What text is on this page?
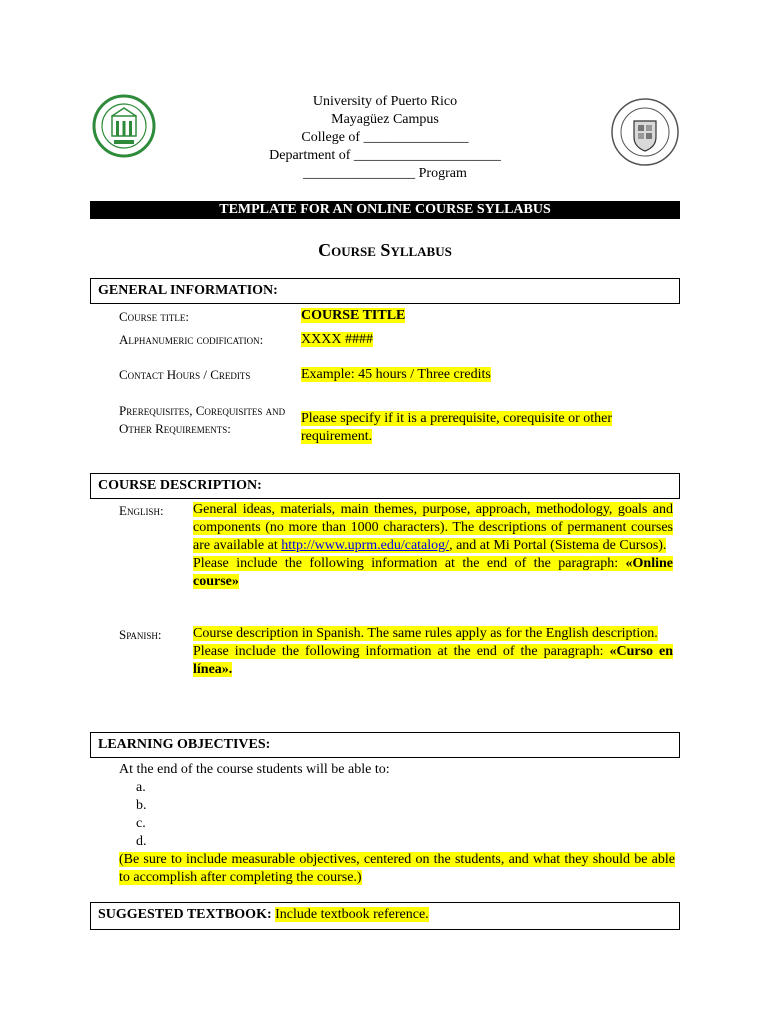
University of Puerto Rico
Mayagüez Campus
College of _______________
Department of _____________________
________________ Program
TEMPLATE FOR AN ONLINE COURSE SYLLABUS
Course Syllabus
GENERAL INFORMATION:
Course title:	COURSE TITLE
Alphanumeric codification:	XXXX ####
Contact Hours / Credits	Example: 45 hours / Three credits
Prerequisites, Corequisites and Other Requirements:
Please specify if it is a prerequisite, corequisite or other requirement.
COURSE DESCRIPTION:
English: General ideas, materials, main themes, purpose, approach, methodology, goals and components (no more than 1000 characters). The descriptions of permanent courses are available at http://www.uprm.edu/catalog/, and at Mi Portal (Sistema de Cursos).
Please include the following information at the end of the paragraph: «Online course»
Spanish: Course description in Spanish. The same rules apply as for the English description.
Please include the following information at the end of the paragraph: «Curso en línea».
LEARNING OBJECTIVES:
At the end of the course students will be able to:
a.
b.
c.
d.
(Be sure to include measurable objectives, centered on the students, and what they should be able to accomplish after completing the course.)
SUGGESTED TEXTBOOK: Include textbook reference.
